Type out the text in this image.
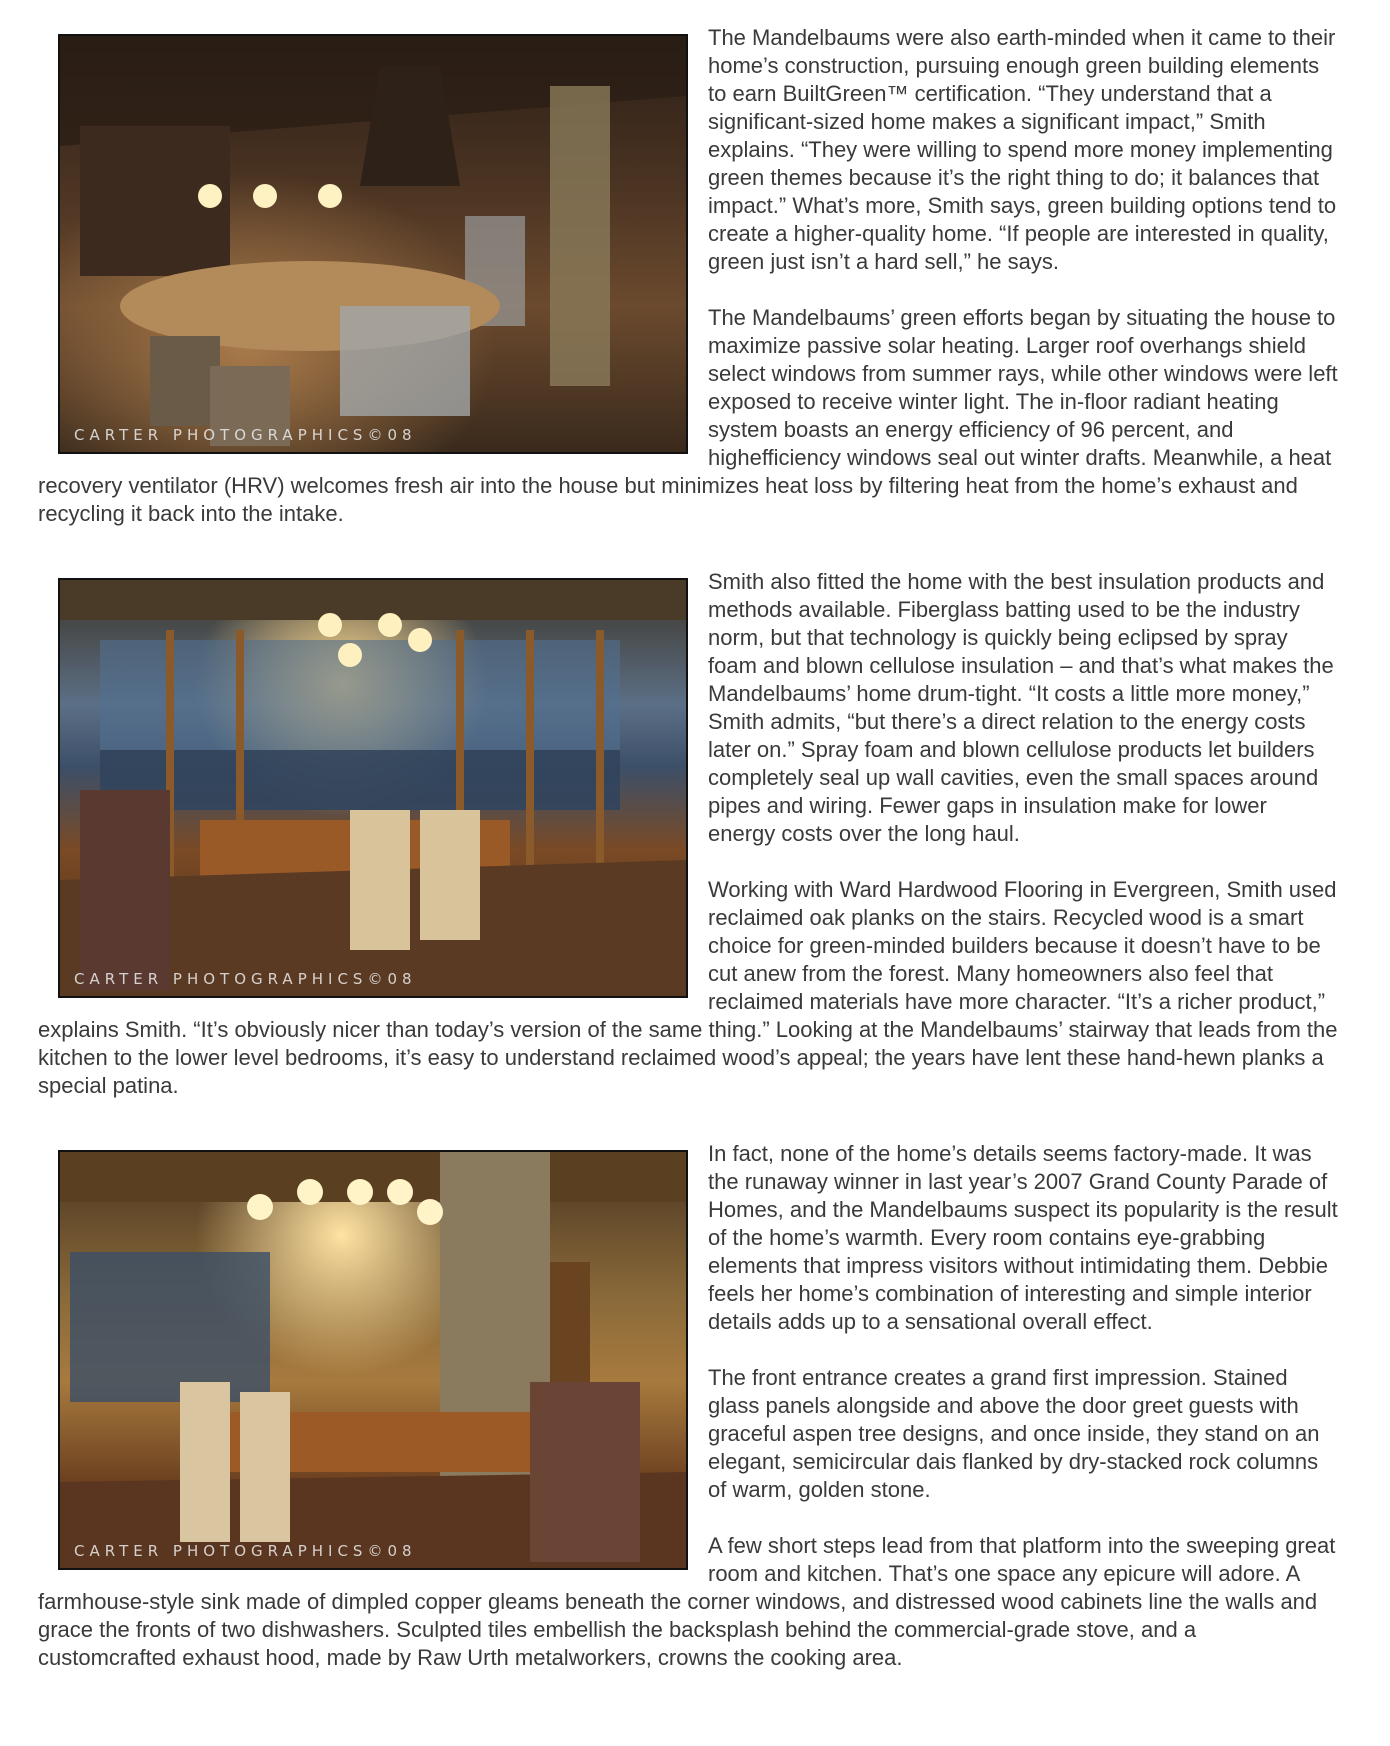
CARTER PHOTOGRAPHICS©08

The Mandelbaums were also earth-minded when it came to their home’s construction, pursuing enough green building elements to earn BuiltGreen™ certification. “They understand that a significant-sized home makes a significant impact,” Smith explains. “They were willing to spend more money implementing green themes because it’s the right thing to do; it balances that impact.” What’s more, Smith says, green building options tend to create a higher-quality home. “If people are interested in quality, green just isn’t a hard sell,” he says.

The Mandelbaums’ green efforts began by situating the house to maximize passive solar heating. Larger roof overhangs shield select windows from summer rays, while other windows were left exposed to receive winter light. The in-floor radiant heating system boasts an energy efficiency of 96 percent, and highefficiency windows seal out winter drafts. Meanwhile, a heat recovery ventilator (HRV) welcomes fresh air into the house but minimizes heat loss by filtering heat from the home’s exhaust and recycling it back into the intake.

CARTER PHOTOGRAPHICS©08

Smith also fitted the home with the best insulation products and methods available. Fiberglass batting used to be the industry norm, but that technology is quickly being eclipsed by spray foam and blown cellulose insulation – and that’s what makes the Mandelbaums’ home drum-tight. “It costs a little more money,” Smith admits, “but there’s a direct relation to the energy costs later on.” Spray foam and blown cellulose products let builders completely seal up wall cavities, even the small spaces around pipes and wiring. Fewer gaps in insulation make for lower energy costs over the long haul.

Working with Ward Hardwood Flooring in Evergreen, Smith used reclaimed oak planks on the stairs. Recycled wood is a smart choice for green-minded builders because it doesn’t have to be cut anew from the forest. Many homeowners also feel that reclaimed materials have more character. “It’s a richer product,” explains Smith. “It’s obviously nicer than today’s version of the same thing.” Looking at the Mandelbaums’ stairway that leads from the kitchen to the lower level bedrooms, it’s easy to understand reclaimed wood’s appeal; the years have lent these hand-hewn planks a special patina.

CARTER PHOTOGRAPHICS©08

In fact, none of the home’s details seems factory-made. It was the runaway winner in last year’s 2007 Grand County Parade of Homes, and the Mandelbaums suspect its popularity is the result of the home’s warmth. Every room contains eye-grabbing elements that impress visitors without intimidating them. Debbie feels her home’s combination of interesting and simple interior details adds up to a sensational overall effect.

The front entrance creates a grand first impression. Stained glass panels alongside and above the door greet guests with graceful aspen tree designs, and once inside, they stand on an elegant, semicircular dais flanked by dry-stacked rock columns of warm, golden stone.

A few short steps lead from that platform into the sweeping great room and kitchen. That’s one space any epicure will adore. A farmhouse-style sink made of dimpled copper gleams beneath the corner windows, and distressed wood cabinets line the walls and grace the fronts of two dishwashers. Sculpted tiles embellish the backsplash behind the commercial-grade stove, and a customcrafted exhaust hood, made by Raw Urth metalworkers, crowns the cooking area.
